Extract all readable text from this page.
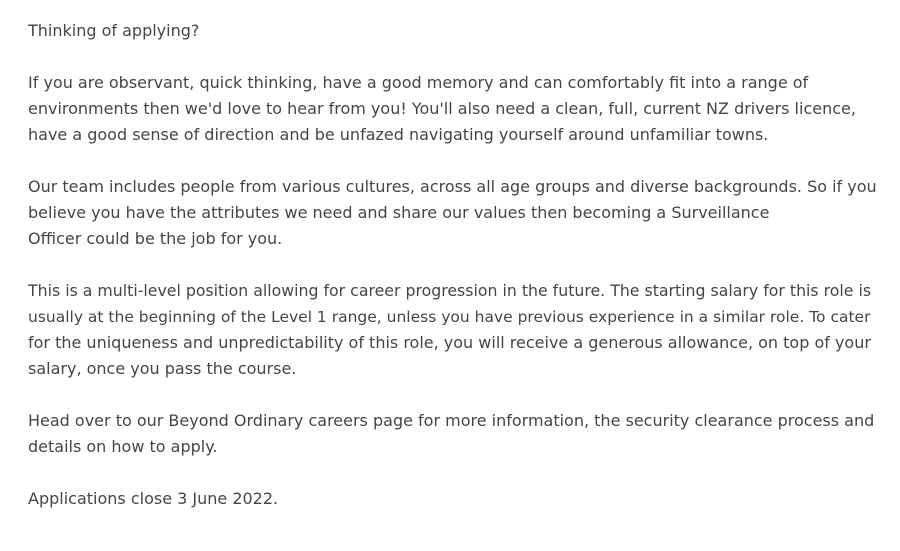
Thinking of applying?

If you are observant, quick thinking, have a good memory and can comfortably fit into a range of
environments then we'd love to hear from you! You'll also need a clean, full, current NZ drivers licence,
have a good sense of direction and be unfazed navigating yourself around unfamiliar towns.

Our team includes people from various cultures, across all age groups and diverse backgrounds. So if you
believe you have the attributes we need and share our values then becoming a Surveillance
Officer could be the job for you.

This is a multi-level position allowing for career progression in the future. The starting salary for this role is
usually at the beginning of the Level 1 range, unless you have previous experience in a similar role. To cater
for the uniqueness and unpredictability of this role, you will receive a generous allowance, on top of your
salary, once you pass the course.

Head over to our Beyond Ordinary careers page for more information, the security clearance process and
details on how to apply.

Applications close 3 June 2022.
